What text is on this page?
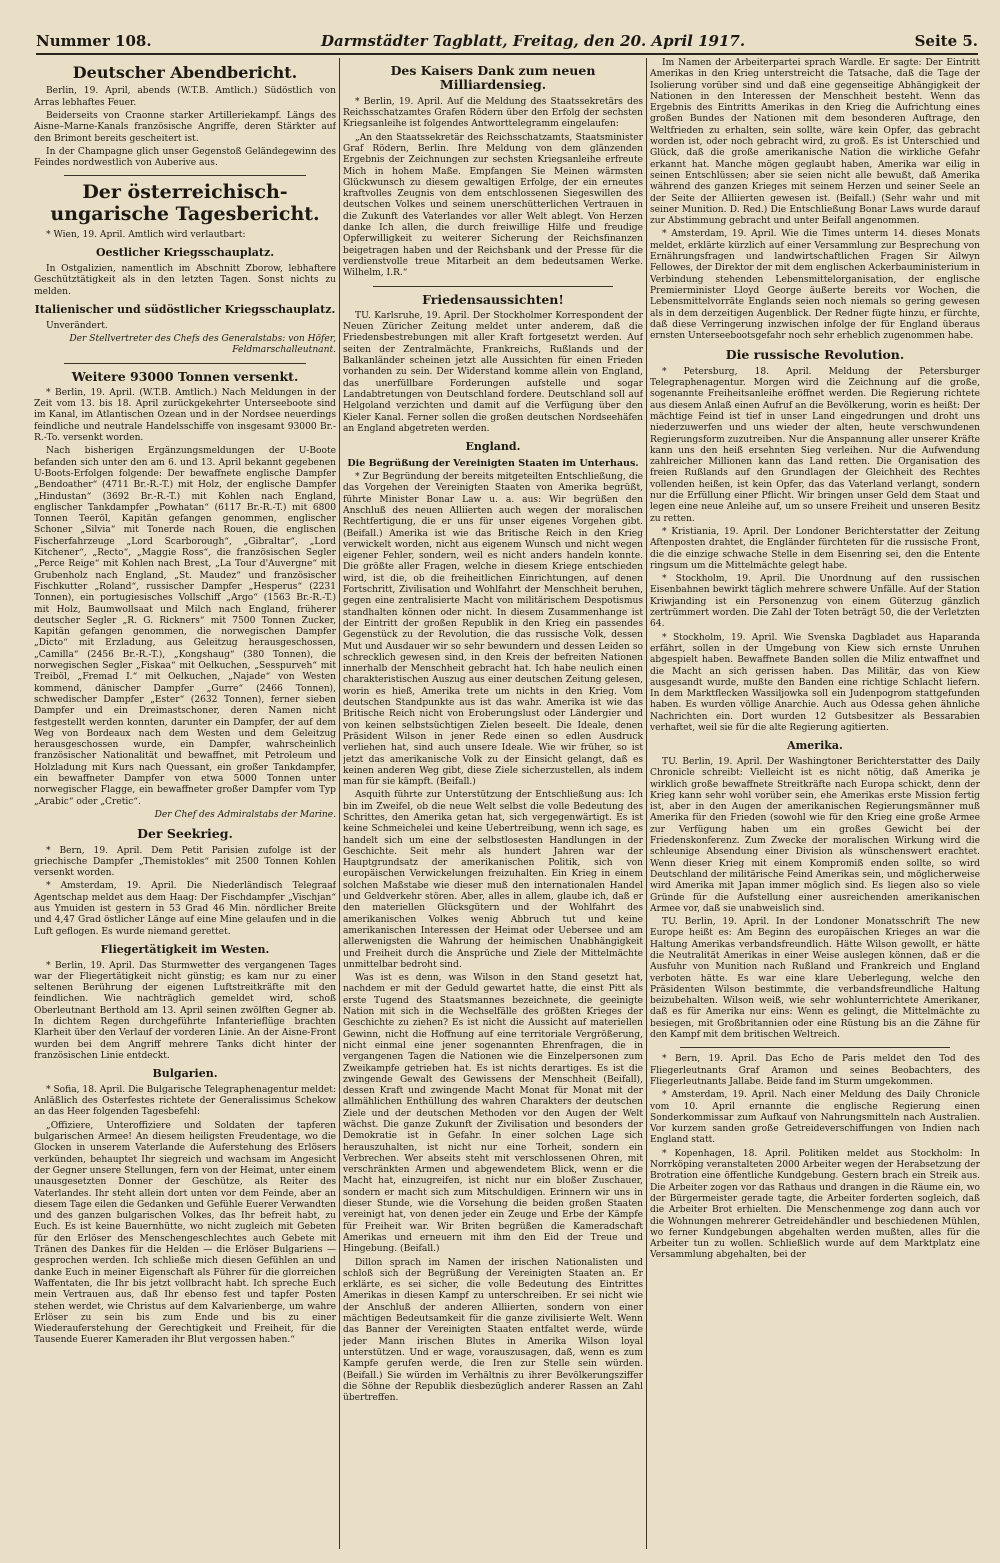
Nummer 108.	Darmstädter Tagblatt, Freitag, den 20. April 1917.	Seite 5.
Deutscher Abendbericht.

Berlin, 19. April, abends (W.T.B. Amtlich.) Südöstlich von Arras lebhaftes Feuer.

Beiderseits von Craonne starker Artilleriekampf. Längs des Aisne–Marne-Kanals französische Angriffe, deren Stärkter auf den Brimont bereits gescheitert ist.

In der Champagne glich unser Gegenstoß Geländegewinn des Feindes nordwestlich von Auberive aus.

Der österreichisch-ungarische Tagesbericht.

* Wien, 19. April. Amtlich wird verlautbart:

Oestlicher Kriegsschauplatz.

In Ostgalizien, namentlich im Abschnitt Zborow, lebhaftere Geschütztätigkeit als in den letzten Tagen. Sonst nichts zu melden.

Italienischer und südöstlicher Kriegsschauplatz.

Unverändert.

Der Stellvertreter des Chefs des Generalstabs: von Höfer, Feldmarschalleutnant.

Weitere 93000 Tonnen versenkt.

* Berlin, 19. April. (W.T.B. Amtlich.) Nach Meldungen in der Zeit vom 13. bis 18. April zurückgekehrter Unterseeboote sind im Kanal, im Atlantischen Ozean und in der Nordsee neuerdings feindliche und neutrale Handelsschiffe von insgesamt 93000 Br.-R.-To. versenkt worden.

Nach bisherigen Ergänzungsmeldungen der U-Boote befanden sich unter den am 6. und 13. April bekannt gegebenen U-Boots-Erfolgen folgende: Der bewaffnete englische Dampfer „Bendoather“ (4711 Br.-R.-T.) mit Holz, der englische Dampfer „Hindustan“ (3692 Br.-R.-T.) mit Kohlen nach England, englischer Tankdampfer „Powhatan“ (6117 Br.-R.-T.) mit 6800 Tonnen Teeröl, Kapitän gefangen genommen, englischer Schoner „Silvia“ mit Tonerde nach Rouen, die englischen Fischerfahrzeuge „Lord Scarborough“, „Gibraltar“, „Lord Kitchener“, „Recto“, „Maggie Ross“, die französischen Segler „Perce Reige“ mit Kohlen nach Brest, „La Tour d'Auvergne“ mit Grubenholz nach England, „St. Maudez“ und französischer Fischkutter „Roland“, russischer Dampfer „Hesperus“ (2231 Tonnen), ein portugiesisches Vollschiff „Argo“ (1563 Br.-R.-T.) mit Holz, Baumwollsaat und Milch nach England, früherer deutscher Segler „R. G. Rickners“ mit 7500 Tonnen Zucker, Kapitän gefangen genommen, die norwegischen Dampfer „Dicto“ mit Erzladung, aus Geleitzug herausgeschossen, „Camilla“ (2456 Br.-R.-T.), „Kongshaug“ (380 Tonnen), die norwegischen Segler „Fiskaa“ mit Oelkuchen, „Sesspurveh“ mit Treiböl, „Fremad I.“ mit Oelkuchen, „Najade“ von Westen kommend, dänischer Dampfer „Gurre“ (2466 Tonnen), schwedischer Dampfer „Ester“ (2632 Tonnen), ferner sieben Dampfer und ein Dreimastschoner, deren Namen nicht festgestellt werden konnten, darunter ein Dampfer, der auf dem Weg von Bordeaux nach dem Westen und dem Geleitzug herausgeschossen wurde, ein Dampfer, wahrscheinlich französischer Nationalität und bewaffnet, mit Petroleum und Holzladung mit Kurs nach Quessant, ein großer Tankdampfer, ein bewaffneter Dampfer von etwa 5000 Tonnen unter norwegischer Flagge, ein bewaffneter großer Dampfer vom Typ „Arabic“ oder „Cretic“.

Der Chef des Admiralstabs der Marine.

Der Seekrieg.

* Bern, 19. April. Dem Petit Parisien zufolge ist der griechische Dampfer „Themistokles“ mit 2500 Tonnen Kohlen versenkt worden.

* Amsterdam, 19. April. Die Niederländisch Telegraaf Agentschap meldet aus dem Haag: Der Fischdampfer „Vischjan“ aus Ymuiden ist gestern in 53 Grad 46 Min. nördlicher Breite und 4,47 Grad östlicher Länge auf eine Mine gelaufen und in die Luft geflogen. Es wurde niemand gerettet.

Fliegertätigkeit im Westen.

* Berlin, 19. April. Das Sturmwetter des vergangenen Tages war der Fliegertätigkeit nicht günstig; es kam nur zu einer seltenen Berührung der eigenen Luftstreitkräfte mit den feindlichen. Wie nachträglich gemeldet wird, schoß Oberleutnant Berthold am 13. April seinen zwölften Gegner ab. In dichtem Regen durchgeführte Infanterieflüge brachten Klarheit über den Verlauf der vorderen Linie. An der Aisne-Front wurden bei dem Angriff mehrere Tanks dicht hinter der französischen Linie entdeckt.

Bulgarien.

* Sofia, 18. April. Die Bulgarische Telegraphenagentur meldet: Anläßlich des Osterfestes richtete der Generalissimus Schekow an das Heer folgenden Tagesbefehl:

„Offiziere, Unteroffiziere und Soldaten der tapferen bulgarischen Armee! An diesem heiligsten Freudentage, wo die Glocken in unserem Vaterlande die Auferstehung des Erlösers verkünden, behauptet Ihr siegreich und wachsam im Angesicht der Gegner unsere Stellungen, fern von der Heimat, unter einem unausgesetzten Donner der Geschütze, als Reiter des Vaterlandes. Ihr steht allein dort unten vor dem Feinde, aber an diesem Tage eilen die Gedanken und Gefühle Euerer Verwandten und des ganzen bulgarischen Volkes, das Ihr befreit habt, zu Euch. Es ist keine Bauernhütte, wo nicht zugleich mit Gebeten für den Erlöser des Menschengeschlechtes auch Gebete mit Tränen des Dankes für die Helden — die Erlöser Bulgariens — gesprochen werden. Ich schließe mich diesen Gefühlen an und danke Euch in meiner Eigenschaft als Führer für die glorreichen Waffentaten, die Ihr bis jetzt vollbracht habt. Ich spreche Euch mein Vertrauen aus, daß Ihr ebenso fest und tapfer Posten stehen werdet, wie Christus auf dem Kalvarienberge, um wahre Erlöser zu sein bis zum Ende und bis zu einer Wiederauferstehung der Gerechtigkeit und Freiheit, für die Tausende Euerer Kameraden ihr Blut vergossen haben.“

Des Kaisers Dank zum neuen Milliardensieg.

* Berlin, 19. April. Auf die Meldung des Staatssekretärs des Reichsschatzamtes Grafen Rödern über den Erfolg der sechsten Kriegsanleihe ist folgendes Antworttelegramm eingelaufen:

„An den Staatssekretär des Reichsschatzamts, Staatsminister Graf Rödern, Berlin. Ihre Meldung von dem glänzenden Ergebnis der Zeichnungen zur sechsten Kriegsanleihe erfreute Mich in hohem Maße. Empfangen Sie Meinen wärmsten Glückwunsch zu diesem gewaltigen Erfolge, der ein erneutes kraftvolles Zeugnis von dem entschlossenen Siegeswillen des deutschen Volkes und seinem unerschütterlichen Vertrauen in die Zukunft des Vaterlandes vor aller Welt ablegt. Von Herzen danke Ich allen, die durch freiwillige Hilfe und freudige Opferwilligkeit zu weiterer Sicherung der Reichsfinanzen beigetragen haben und der Reichsbank und der Presse für die verdienstvolle treue Mitarbeit an dem bedeutsamen Werke. Wilhelm, I.R.“

Friedensaussichten!

TU. Karlsruhe, 19. April. Der Stockholmer Korrespondent der Neuen Züricher Zeitung meldet unter anderem, daß die Friedensbestrebungen mit aller Kraft fortgesetzt werden. Auf seiten der Zentralmächte, Frankreichs, Rußlands und der Balkanländer scheinen jetzt alle Aussichten für einen Frieden vorhanden zu sein. Der Widerstand komme allein von England, das unerfüllbare Forderungen aufstelle und sogar Landabtretungen von Deutschland fordere. Deutschland soll auf Helgoland verzichten und damit auf die Verfügung über den Kieler Kanal. Ferner sollen die großen deutschen Nordseehäfen an England abgetreten werden.

England.
Die Begrüßung der Vereinigten Staaten im Unterhaus.

* Zur Begründung der bereits mitgeteilten Entschließung, die das Vorgehen der Vereinigten Staaten von Amerika begrüßt, führte Minister Bonar Law u. a. aus: Wir begrüßen den Anschluß des neuen Alliierten auch wegen der moralischen Rechtfertigung, die er uns für unser eigenes Vorgehen gibt. (Beifall.) Amerika ist wie das Britische Reich in den Krieg verwickelt worden, nicht aus eigenem Wunsch und nicht wegen eigener Fehler, sondern, weil es nicht anders handeln konnte. Die größte aller Fragen, welche in diesem Kriege entschieden wird, ist die, ob die freiheitlichen Einrichtungen, auf denen Fortschritt, Zivilisation und Wohlfahrt der Menschheit beruhen, gegen eine zentralisierte Macht von militärischem Despotismus standhalten können oder nicht. In diesem Zusammenhange ist der Eintritt der großen Republik in den Krieg ein passendes Gegenstück zu der Revolution, die das russische Volk, dessen Mut und Ausdauer wir so sehr bewundern und dessen Leiden so schrecklich gewesen sind, in den Kreis der befreiten Nationen innerhalb der Menschheit gebracht hat. Ich habe neulich einen charakteristischen Auszug aus einer deutschen Zeitung gelesen, worin es hieß, Amerika trete um nichts in den Krieg. Vom deutschen Standpunkte aus ist das wahr. Amerika ist wie das Britische Reich nicht von Eroberungslust oder Ländergier und von keinen selbstsüchtigen Zielen beseelt. Die Ideale, denen Präsident Wilson in jener Rede einen so edlen Ausdruck verliehen hat, sind auch unsere Ideale. Wie wir früher, so ist jetzt das amerikanische Volk zu der Einsicht gelangt, daß es keinen anderen Weg gibt, diese Ziele sicherzustellen, als indem man für sie kämpft. (Beifall.)

Asquith führte zur Unterstützung der Entschließung aus: Ich bin im Zweifel, ob die neue Welt selbst die volle Bedeutung des Schrittes, den Amerika getan hat, sich vergegenwärtigt. Es ist keine Schmeichelei und keine Uebertreibung, wenn ich sage, es handelt sich um eine der selbstlosesten Handlungen in der Geschichte. Seit mehr als hundert Jahren war der Hauptgrundsatz der amerikanischen Politik, sich von europäischen Verwickelungen freizuhalten. Ein Krieg in einem solchen Maßstabe wie dieser muß den internationalen Handel und Geldverkehr stören. Aber, alles in allem, glaube ich, daß er den materiellen Glücksgütern und der Wohlfahrt des amerikanischen Volkes wenig Abbruch tut und keine amerikanischen Interessen der Heimat oder Uebersee und am allerwenigsten die Wahrung der heimischen Unabhängigkeit und Freiheit durch die Ansprüche und Ziele der Mittelmächte unmittelbar bedroht sind.

Was ist es denn, was Wilson in den Stand gesetzt hat, nachdem er mit der Geduld gewartet hatte, die einst Pitt als erste Tugend des Staatsmannes bezeichnete, die geeinigte Nation mit sich in die Wechselfälle des größten Krieges der Geschichte zu ziehen? Es ist nicht die Aussicht auf materiellen Gewinn, nicht die Hoffnung auf eine territoriale Vergrößerung, nicht einmal eine jener sogenannten Ehrenfragen, die in vergangenen Tagen die Nationen wie die Einzelpersonen zum Zweikampfe getrieben hat. Es ist nichts derartiges. Es ist die zwingende Gewalt des Gewissens der Menschheit (Beifall), dessen Kraft und zwingende Macht Monat für Monat mit der allmählichen Enthüllung des wahren Charakters der deutschen Ziele und der deutschen Methoden vor den Augen der Welt wächst. Die ganze Zukunft der Zivilisation und besonders der Demokratie ist in Gefahr. In einer solchen Lage sich herauszuhalten, ist nicht nur eine Torheit, sondern ein Verbrechen. Wer abseits steht mit verschlossenen Ohren, mit verschränkten Armen und abgewendetem Blick, wenn er die Macht hat, einzugreifen, ist nicht nur ein bloßer Zuschauer, sondern er macht sich zum Mitschuldigen. Erinnern wir uns in dieser Stunde, wie die Vorsehung die beiden großen Staaten vereinigt hat, von denen jeder ein Zeuge und Erbe der Kämpfe für Freiheit war. Wir Briten begrüßen die Kameradschaft Amerikas und erneuern mit ihm den Eid der Treue und Hingebung. (Beifall.)

Dillon sprach im Namen der irischen Nationalisten und schloß sich der Begrüßung der Vereinigten Staaten an. Er erklärte, es sei sicher, die volle Bedeutung des Eintrittes Amerikas in diesen Kampf zu unterschreiben. Er sei nicht wie der Anschluß der anderen Alliierten, sondern von einer mächtigen Bedeutsamkeit für die ganze zivilisierte Welt. Wenn das Banner der Vereinigten Staaten entfaltet werde, würde jeder Mann irischen Blutes in Amerika Wilson loyal unterstützen. Und er wage, vorauszusagen, daß, wenn es zum Kampfe gerufen werde, die Iren zur Stelle sein würden. (Beifall.) Sie würden im Verhältnis zu ihrer Bevölkerungsziffer die Söhne der Republik diesbezüglich anderer Rassen an Zahl übertreffen.

Im Namen der Arbeiterpartei sprach Wardle. Er sagte: Der Eintritt Amerikas in den Krieg unterstreicht die Tatsache, daß die Tage der Isolierung vorüber sind und daß eine gegenseitige Abhängigkeit der Nationen in den Interessen der Menschheit besteht. Wenn das Ergebnis des Eintritts Amerikas in den Krieg die Aufrichtung eines großen Bundes der Nationen mit dem besonderen Auftrage, den Weltfrieden zu erhalten, sein sollte, wäre kein Opfer, das gebracht worden ist, oder noch gebracht wird, zu groß. Es ist Unterschied und Glück, daß die große amerikanische Nation die wirkliche Gefahr erkannt hat. Manche mögen geglaubt haben, Amerika war eilig in seinen Entschlüssen; aber sie seien nicht alle bewußt, daß Amerika während des ganzen Krieges mit seinem Herzen und seiner Seele an der Seite der Alliierten gewesen ist. (Beifall.) (Sehr wahr und mit seiner Munition. D. Red.) Die Entschließung Bonar Laws wurde darauf zur Abstimmung gebracht und unter Beifall angenommen.

* Amsterdam, 19. April. Wie die Times unterm 14. dieses Monats meldet, erklärte kürzlich auf einer Versammlung zur Besprechung von Ernährungsfragen und landwirtschaftlichen Fragen Sir Ailwyn Fellowes, der Direktor der mit dem englischen Ackerbauministerium in Verbindung stehenden Lebensmittelorganisation, der englische Premierminister Lloyd George äußerte bereits vor Wochen, die Lebensmittelvorräte Englands seien noch niemals so gering gewesen als in dem derzeitigen Augenblick. Der Redner fügte hinzu, er fürchte, daß diese Verringerung inzwischen infolge der für England überaus ernsten Unterseebootsgefahr noch sehr erheblich zugenommen habe.

Die russische Revolution.

* Petersburg, 18. April. Meldung der Petersburger Telegraphenagentur. Morgen wird die Zeichnung auf die große, sogenannte Freiheitsanleihe eröffnet werden. Die Regierung richtete aus diesem Anlaß einen Aufruf an die Bevölkerung, worin es heißt: Der mächtige Feind ist tief in unser Land eingedrungen und droht uns niederzuwerfen und uns wieder der alten, heute verschwundenen Regierungsform zuzutreiben. Nur die Anspannung aller unserer Kräfte kann uns den heiß ersehnten Sieg verleihen. Nur die Aufwendung zahlreicher Millionen kann das Land retten. Die Organisation des freien Rußlands auf den Grundlagen der Gleichheit des Rechtes vollenden heißen, ist kein Opfer, das das Vaterland verlangt, sondern nur die Erfüllung einer Pflicht. Wir bringen unser Geld dem Staat und legen eine neue Anleihe auf, um so unsere Freiheit und unseren Besitz zu retten.

* Kristiania, 19. April. Der Londoner Berichterstatter der Zeitung Aftenposten drahtet, die Engländer fürchteten für die russische Front, die die einzige schwache Stelle in dem Eisenring sei, den die Entente ringsum um die Mittelmächte gelegt habe.

* Stockholm, 19. April. Die Unordnung auf den russischen Eisenbahnen bewirkt täglich mehrere schwere Unfälle. Auf der Station Kriwjanding ist ein Personenzug von einem Güterzug gänzlich zertrümmert worden. Die Zahl der Toten beträgt 50, die der Verletzten 64.

* Stockholm, 19. April. Wie Svenska Dagbladet aus Haparanda erfährt, sollen in der Umgebung von Kiew sich ernste Unruhen abgespielt haben. Bewaffnete Banden sollen die Miliz entwaffnet und die Macht an sich gerissen haben. Das Militär, das von Kiew ausgesandt wurde, mußte den Banden eine richtige Schlacht liefern. In dem Marktflecken Wassiljowka soll ein Judenpogrom stattgefunden haben. Es wurden völlige Anarchie. Auch aus Odessa gehen ähnliche Nachrichten ein. Dort wurden 12 Gutsbesitzer als Bessarabien verhaftet, weil sie für die alte Regierung agitierten.

Amerika.

TU. Berlin, 19. April. Der Washingtoner Berichterstatter des Daily Chronicle schreibt: Vielleicht ist es nicht nötig, daß Amerika je wirklich große bewaffnete Streitkräfte nach Europa schickt, denn der Krieg kann sehr wohl vorüber sein, ehe Amerikas erste Mission fertig ist, aber in den Augen der amerikanischen Regierungsmänner muß Amerika für den Frieden (sowohl wie für den Krieg eine große Armee zur Verfügung haben um ein großes Gewicht bei der Friedenskonferenz. Zum Zwecke der moralischen Wirkung wird die schleunige Absendung einer Division als wünschenswert erachtet. Wenn dieser Krieg mit einem Kompromiß enden sollte, so wird Deutschland der militärische Feind Amerikas sein, und möglicherweise wird Amerika mit Japan immer möglich sind. Es liegen also so viele Gründe für die Aufstellung einer ausreichenden amerikanischen Armee vor, daß sie unabweislich sind.

TU. Berlin, 19. April. In der Londoner Monatsschrift The new Europe heißt es: Am Beginn des europäischen Krieges an war die Haltung Amerikas verbandsfreundlich. Hätte Wilson gewollt, er hätte die Neutralität Amerikas in einer Weise auslegen können, daß er die Ausfuhr von Munition nach Rußland und Frankreich und England verboten hätte. Es war eine klare Ueberlegung, welche den Präsidenten Wilson bestimmte, die verbandsfreundliche Haltung beizubehalten. Wilson weiß, wie sehr wohlunterrichtete Amerikaner, daß es für Amerika nur eins: Wenn es gelingt, die Mittelmächte zu besiegen, mit Großbritannien oder eine Rüstung bis an die Zähne für den Kampf mit dem britischen Weltreich.

* Bern, 19. April. Das Echo de Paris meldet den Tod des Fliegerleutnants Graf Aramon und seines Beobachters, des Fliegerleutnants Jallabe. Beide fand im Sturm umgekommen.

* Amsterdam, 19. April. Nach einer Meldung des Daily Chronicle vom 10. April ernannte die englische Regierung einen Sonderkommissar zum Aufkauf von Nahrungsmitteln nach Australien. Vor kurzem sanden große Getreideverschiffungen von Indien nach England statt.

* Kopenhagen, 18. April. Politiken meldet aus Stockholm: In Norrköping veranstalteten 2000 Arbeiter wegen der Herabsetzung der Brotration eine öffentliche Kundgebung. Gestern brach ein Streik aus. Die Arbeiter zogen vor das Rathaus und drangen in die Räume ein, wo der Bürgermeister gerade tagte, die Arbeiter forderten sogleich, daß die Arbeiter Brot erhielten. Die Menschenmenge zog dann auch vor die Wohnungen mehrerer Getreidehändler und beschiedenen Mühlen, wo ferner Kundgebungen abgehalten werden mußten, alles für die Arbeiter tun zu wollen. Schließlich wurde auf dem Marktplatz eine Versammlung abgehalten, bei der
